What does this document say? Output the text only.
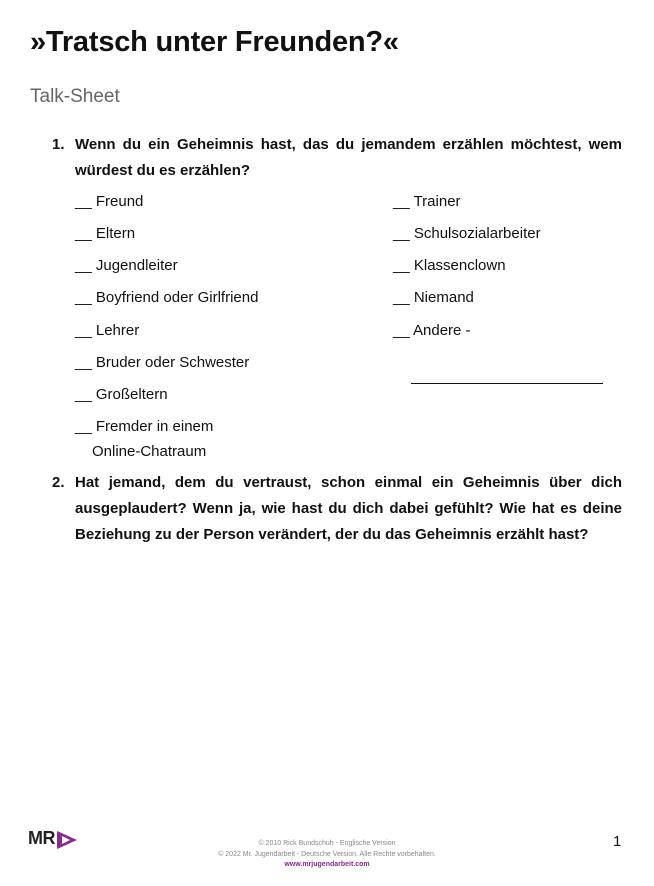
»Tratsch unter Freunden?«
Talk-Sheet
1. Wenn du ein Geheimnis hast, das du jemandem erzählen möchtest, wem würdest du es erzählen?
__ Freund
__ Eltern
__ Jugendleiter
__ Boyfriend oder Girlfriend
__ Lehrer
__ Bruder oder Schwester
__ Großeltern
__ Fremder in einem
Online-Chatraum
__ Trainer
__ Schulsozialarbeiter
__ Klassenclown
__ Niemand
__ Andere -
2. Hat jemand, dem du vertraust, schon einmal ein Geheimnis über dich ausgeplaudert? Wenn ja, wie hast du dich dabei gefühlt? Wie hat es deine Beziehung zu der Person verändert, der du das Geheimnis erzählt hast?
MR	© 2010 Rick Bundschuh - Englische Version
© 2022 Mr. Jugendarbeit - Deutsche Version. Alle Rechte vorbehalten.
www.mrjugendarbeit.com
1
